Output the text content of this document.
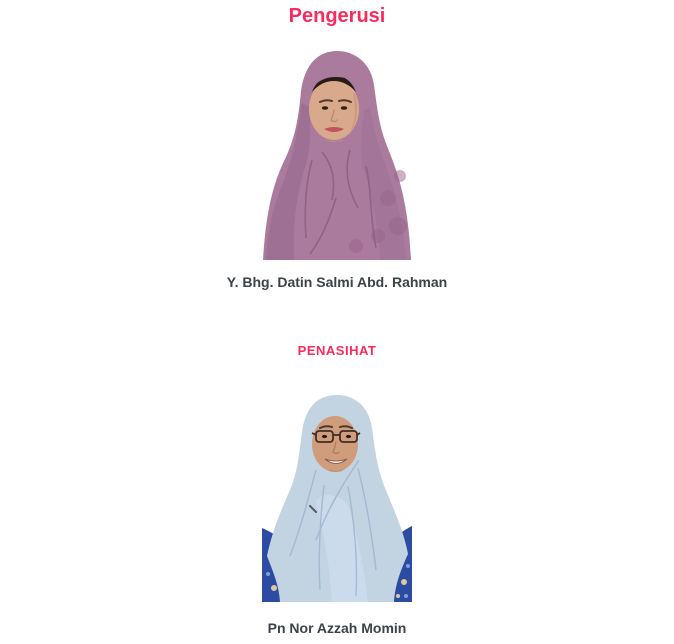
Pengerusi
Y. Bhg. Datin Salmi Abd. Rahman
PENASIHAT
Pn Nor Azzah Momin
